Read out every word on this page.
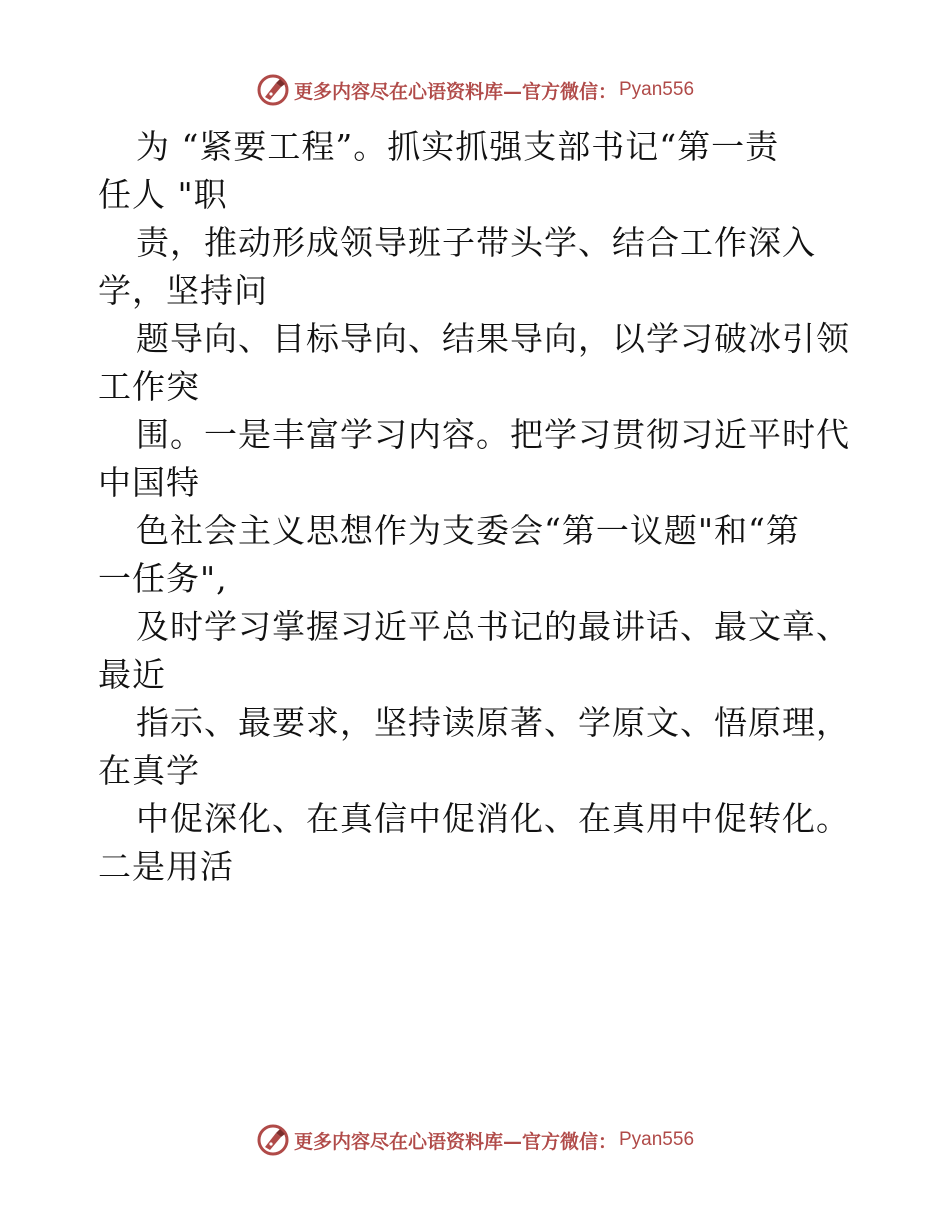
更多内容尽在心语资料库—官方微信： Pyan556
为 “紧要工程”。抓实抓强支部书记“第一责
任人 "职
责，推动形成领导班子带头学、结合工作深入
学，坚持问
题导向、目标导向、结果导向，以学习破冰引领
工作突
围。一是丰富学习内容。把学习贯彻习近平时代
中国特
色社会主义思想作为支委会“第一议题"和“第
一任务",
及时学习掌握习近平总书记的最讲话、最文章、
最近
指示、最要求，坚持读原著、学原文、悟原理，
在真学
中促深化、在真信中促消化、在真用中促转化。
二是用活
更多内容尽在心语资料库—官方微信： Pyan556
